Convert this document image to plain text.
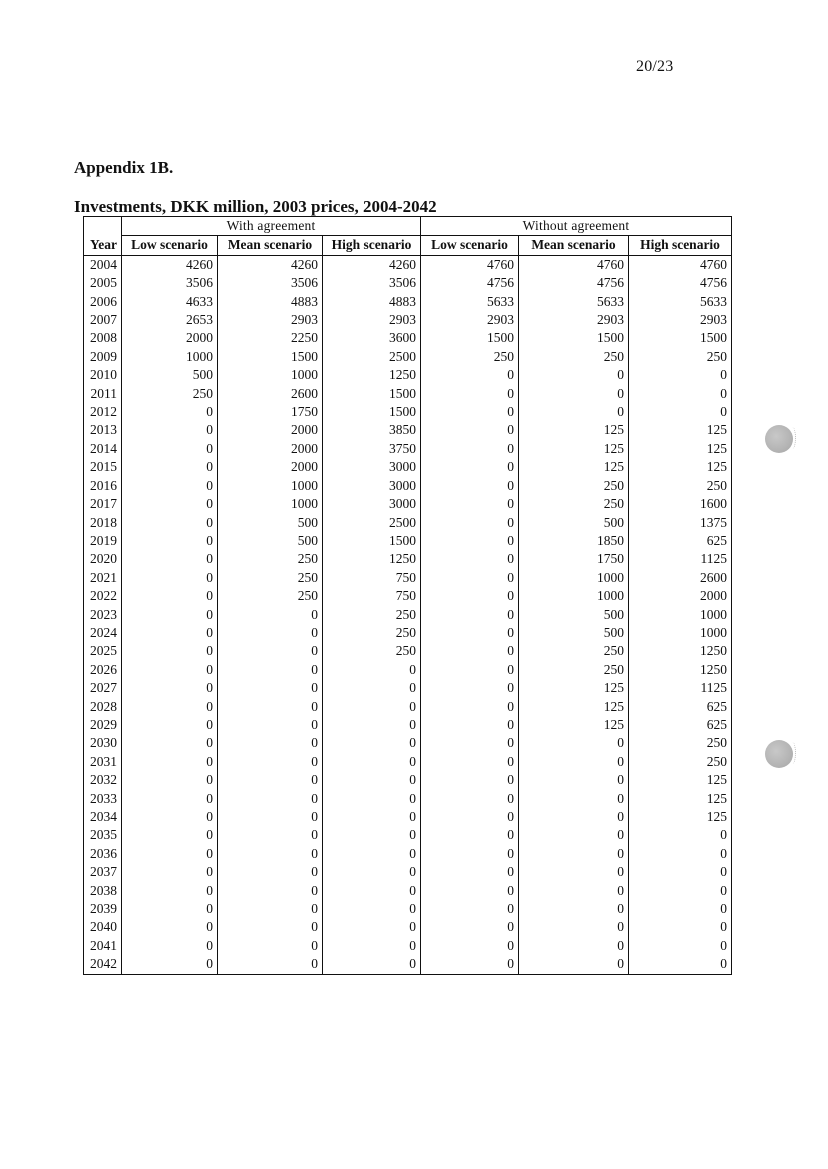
20/23
Appendix 1B.
Investments, DKK million, 2003 prices, 2004-2042
	With agreement			Without agreement		
Year	Low scenario	Mean scenario	High scenario	Low scenario	Mean scenario	High scenario
2004	4260	4260	4260	4760	4760	4760
2005	3506	3506	3506	4756	4756	4756
2006	4633	4883	4883	5633	5633	5633
2007	2653	2903	2903	2903	2903	2903
2008	2000	2250	3600	1500	1500	1500
2009	1000	1500	2500	250	250	250
2010	500	1000	1250	0	0	0
2011	250	2600	1500	0	0	0
2012	0	1750	1500	0	0	0
2013	0	2000	3850	0	125	125
2014	0	2000	3750	0	125	125
2015	0	2000	3000	0	125	125
2016	0	1000	3000	0	250	250
2017	0	1000	3000	0	250	1600
2018	0	500	2500	0	500	1375
2019	0	500	1500	0	1850	625
2020	0	250	1250	0	1750	1125
2021	0	250	750	0	1000	2600
2022	0	250	750	0	1000	2000
2023	0	0	250	0	500	1000
2024	0	0	250	0	500	1000
2025	0	0	250	0	250	1250
2026	0	0	0	0	250	1250
2027	0	0	0	0	125	1125
2028	0	0	0	0	125	625
2029	0	0	0	0	125	625
2030	0	0	0	0	0	250
2031	0	0	0	0	0	250
2032	0	0	0	0	0	125
2033	0	0	0	0	0	125
2034	0	0	0	0	0	125
2035	0	0	0	0	0	0
2036	0	0	0	0	0	0
2037	0	0	0	0	0	0
2038	0	0	0	0	0	0
2039	0	0	0	0	0	0
2040	0	0	0	0	0	0
2041	0	0	0	0	0	0
2042	0	0	0	0	0	0
